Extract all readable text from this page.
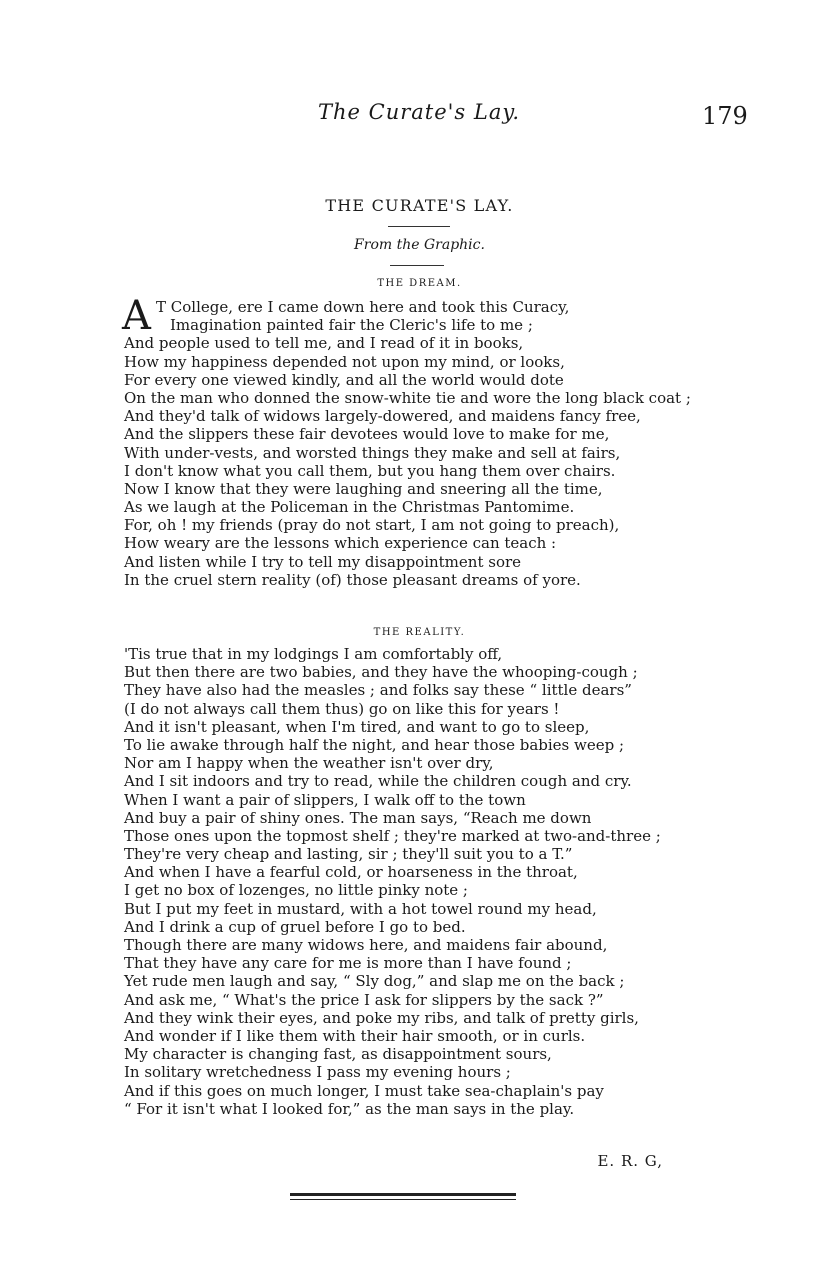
The Curate's Lay.	179
THE CURATE'S LAY.
From the Graphic.
THE DREAM.
A T College, ere I came down here and took this Curacy,
Imagination painted fair the Cleric's life to me ;
And people used to tell me, and I read of it in books,
How my happiness depended not upon my mind, or looks,
For every one viewed kindly, and all the world would dote
On the man who donned the snow-white tie and wore the long black coat ;
And they'd talk of widows largely-dowered, and maidens fancy free,
And the slippers these fair devotees would love to make for me,
With under-vests, and worsted things they make and sell at fairs,
I don't know what you call them, but you hang them over chairs.
Now I know that they were laughing and sneering all the time,
As we laugh at the Policeman in the Christmas Pantomime.
For, oh ! my friends (pray do not start, I am not going to preach),
How weary are the lessons which experience can teach :
And listen while I try to tell my disappointment sore
In the cruel stern reality (of) those pleasant dreams of yore.
THE REALITY.
'Tis true that in my lodgings I am comfortably off,
But then there are two babies, and they have the whooping-cough ;
They have also had the measles ; and folks say these “ little dears”
(I do not always call them thus) go on like this for years !
And it isn't pleasant, when I'm tired, and want to go to sleep,
To lie awake through half the night, and hear those babies weep ;
Nor am I happy when the weather isn't over dry,
And I sit indoors and try to read, while the children cough and cry.
When I want a pair of slippers, I walk off to the town
And buy a pair of shiny ones. The man says, “Reach me down
Those ones upon the topmost shelf ; they're marked at two-and-three ;
They're very cheap and lasting, sir ; they'll suit you to a T.”
And when I have a fearful cold, or hoarseness in the throat,
I get no box of lozenges, no little pinky note ;
But I put my feet in mustard, with a hot towel round my head,
And I drink a cup of gruel before I go to bed.
Though there are many widows here, and maidens fair abound,
That they have any care for me is more than I have found ;
Yet rude men laugh and say, “ Sly dog,” and slap me on the back ;
And ask me, “ What's the price I ask for slippers by the sack ?”
And they wink their eyes, and poke my ribs, and talk of pretty girls,
And wonder if I like them with their hair smooth, or in curls.
My character is changing fast, as disappointment sours,
In solitary wretchedness I pass my evening hours ;
And if this goes on much longer, I must take sea-chaplain's pay
“ For it isn't what I looked for,” as the man says in the play.
E. R. G,
